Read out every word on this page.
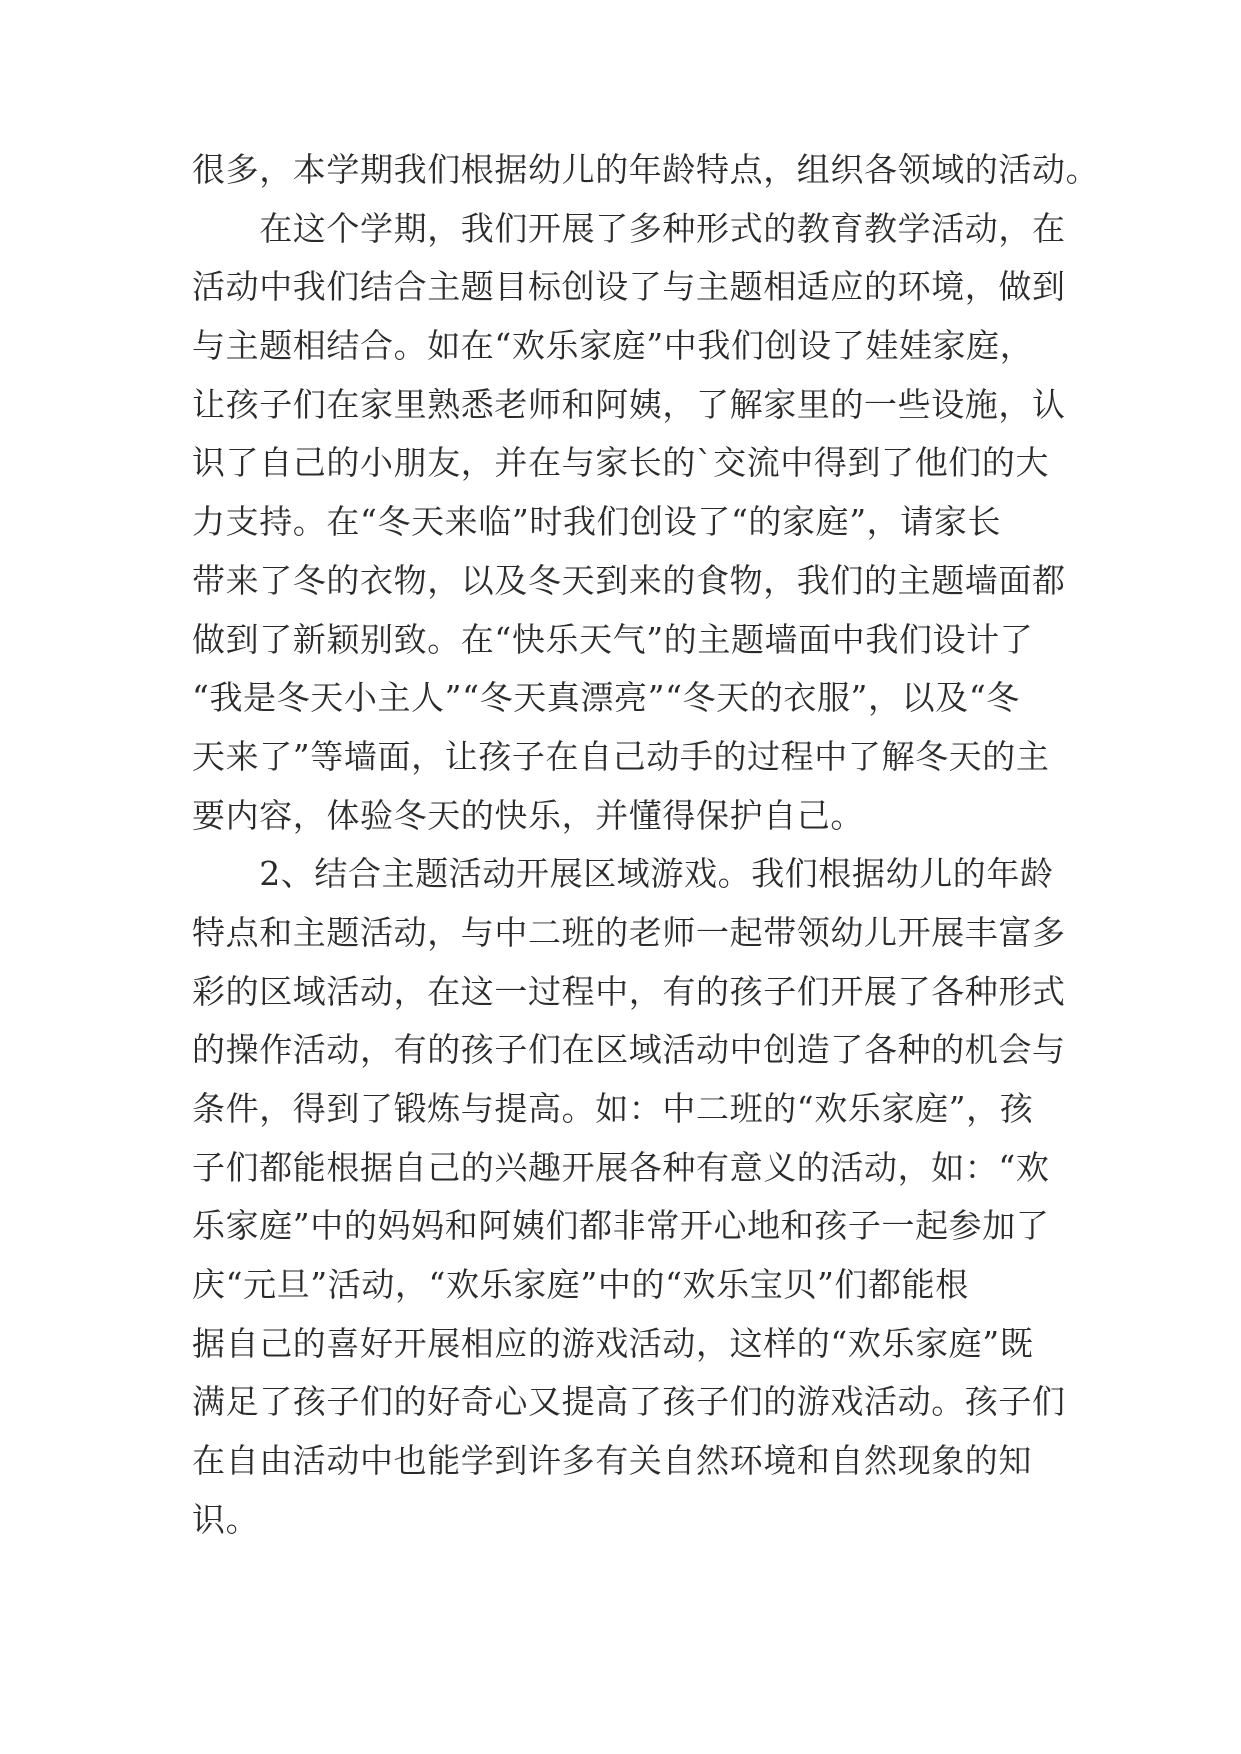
很多，本学期我们根据幼儿的年龄特点，组织各领域的活动。
　　在这个学期，我们开展了多种形式的教育教学活动，在
活动中我们结合主题目标创设了与主题相适应的环境，做到
与主题相结合。如在“欢乐家庭”中我们创设了娃娃家庭，
让孩子们在家里熟悉老师和阿姨，了解家里的一些设施，认
识了自己的小朋友，并在与家长的`交流中得到了他们的大
力支持。在“冬天来临”时我们创设了“的家庭”，请家长
带来了冬的衣物，以及冬天到来的食物，我们的主题墙面都
做到了新颖别致。在“快乐天气”的主题墙面中我们设计了
“我是冬天小主人”“冬天真漂亮”“冬天的衣服”，以及“冬
天来了”等墙面，让孩子在自己动手的过程中了解冬天的主
要内容，体验冬天的快乐，并懂得保护自己。
　　2、结合主题活动开展区域游戏。我们根据幼儿的年龄
特点和主题活动，与中二班的老师一起带领幼儿开展丰富多
彩的区域活动，在这一过程中，有的孩子们开展了各种形式
的操作活动，有的孩子们在区域活动中创造了各种的机会与
条件，得到了锻炼与提高。如：中二班的“欢乐家庭”，孩
子们都能根据自己的兴趣开展各种有意义的活动，如：“欢
乐家庭”中的妈妈和阿姨们都非常开心地和孩子一起参加了
庆“元旦”活动，“欢乐家庭”中的“欢乐宝贝”们都能根
据自己的喜好开展相应的游戏活动，这样的“欢乐家庭”既
满足了孩子们的好奇心又提高了孩子们的游戏活动。孩子们
在自由活动中也能学到许多有关自然环境和自然现象的知
识。
